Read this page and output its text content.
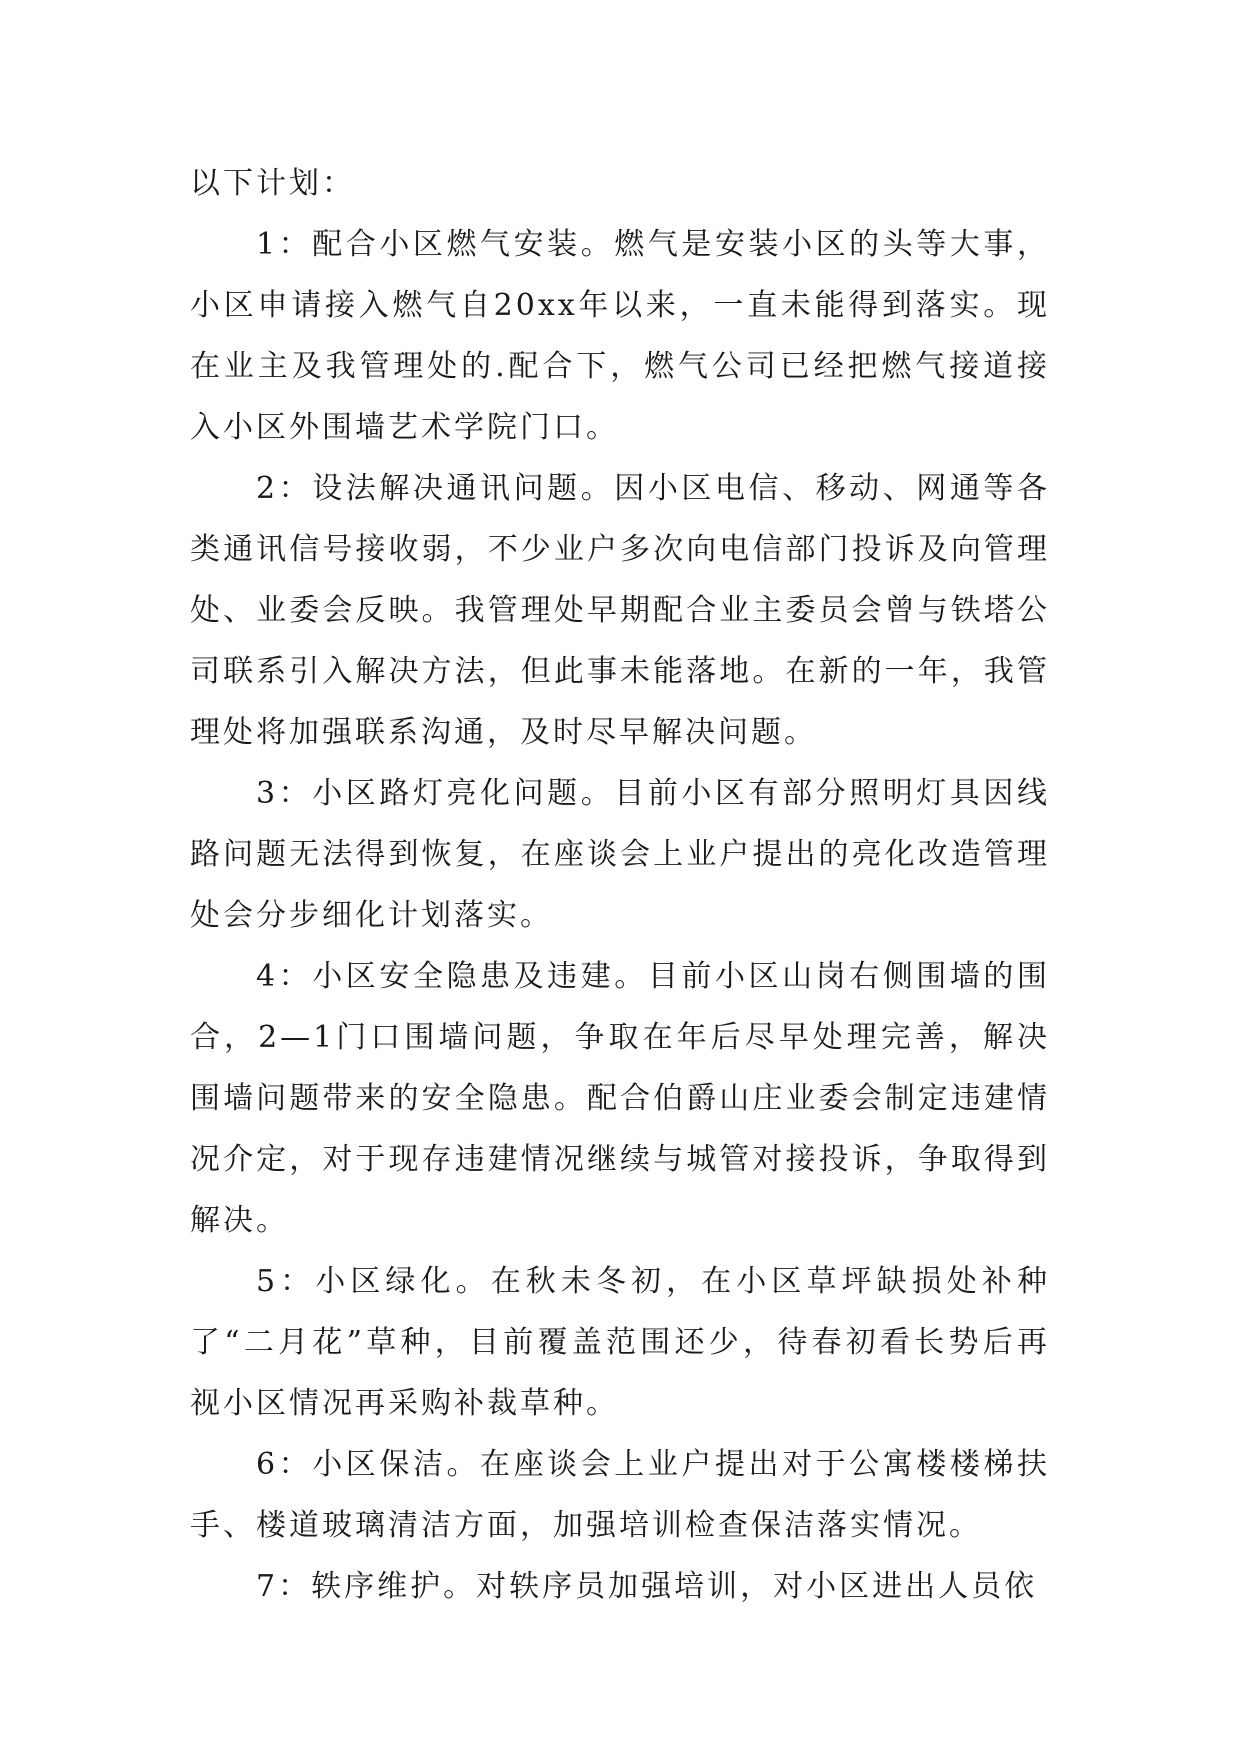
以下计划：

1：配合小区燃气安装。燃气是安装小区的头等大事，小区申请接入燃气自20xx年以来，一直未能得到落实。现在业主及我管理处的.配合下，燃气公司已经把燃气接道接入小区外围墙艺术学院门口。

2：设法解决通讯问题。因小区电信、移动、网通等各类通讯信号接收弱，不少业户多次向电信部门投诉及向管理处、业委会反映。我管理处早期配合业主委员会曾与铁塔公司联系引入解决方法，但此事未能落地。在新的一年，我管理处将加强联系沟通，及时尽早解决问题。

3：小区路灯亮化问题。目前小区有部分照明灯具因线路问题无法得到恢复，在座谈会上业户提出的亮化改造管理处会分步细化计划落实。

4：小区安全隐患及违建。目前小区山岗右侧围墙的围合，2—1门口围墙问题，争取在年后尽早处理完善，解决围墙问题带来的安全隐患。配合伯爵山庄业委会制定违建情况介定，对于现存违建情况继续与城管对接投诉，争取得到解决。

5：小区绿化。在秋未冬初，在小区草坪缺损处补种了“二月花”草种，目前覆盖范围还少，待春初看长势后再视小区情况再采购补裁草种。

6：小区保洁。在座谈会上业户提出对于公寓楼楼梯扶手、楼道玻璃清洁方面，加强培训检查保洁落实情况。

7：轶序维护。对轶序员加强培训，对小区进出人员依
